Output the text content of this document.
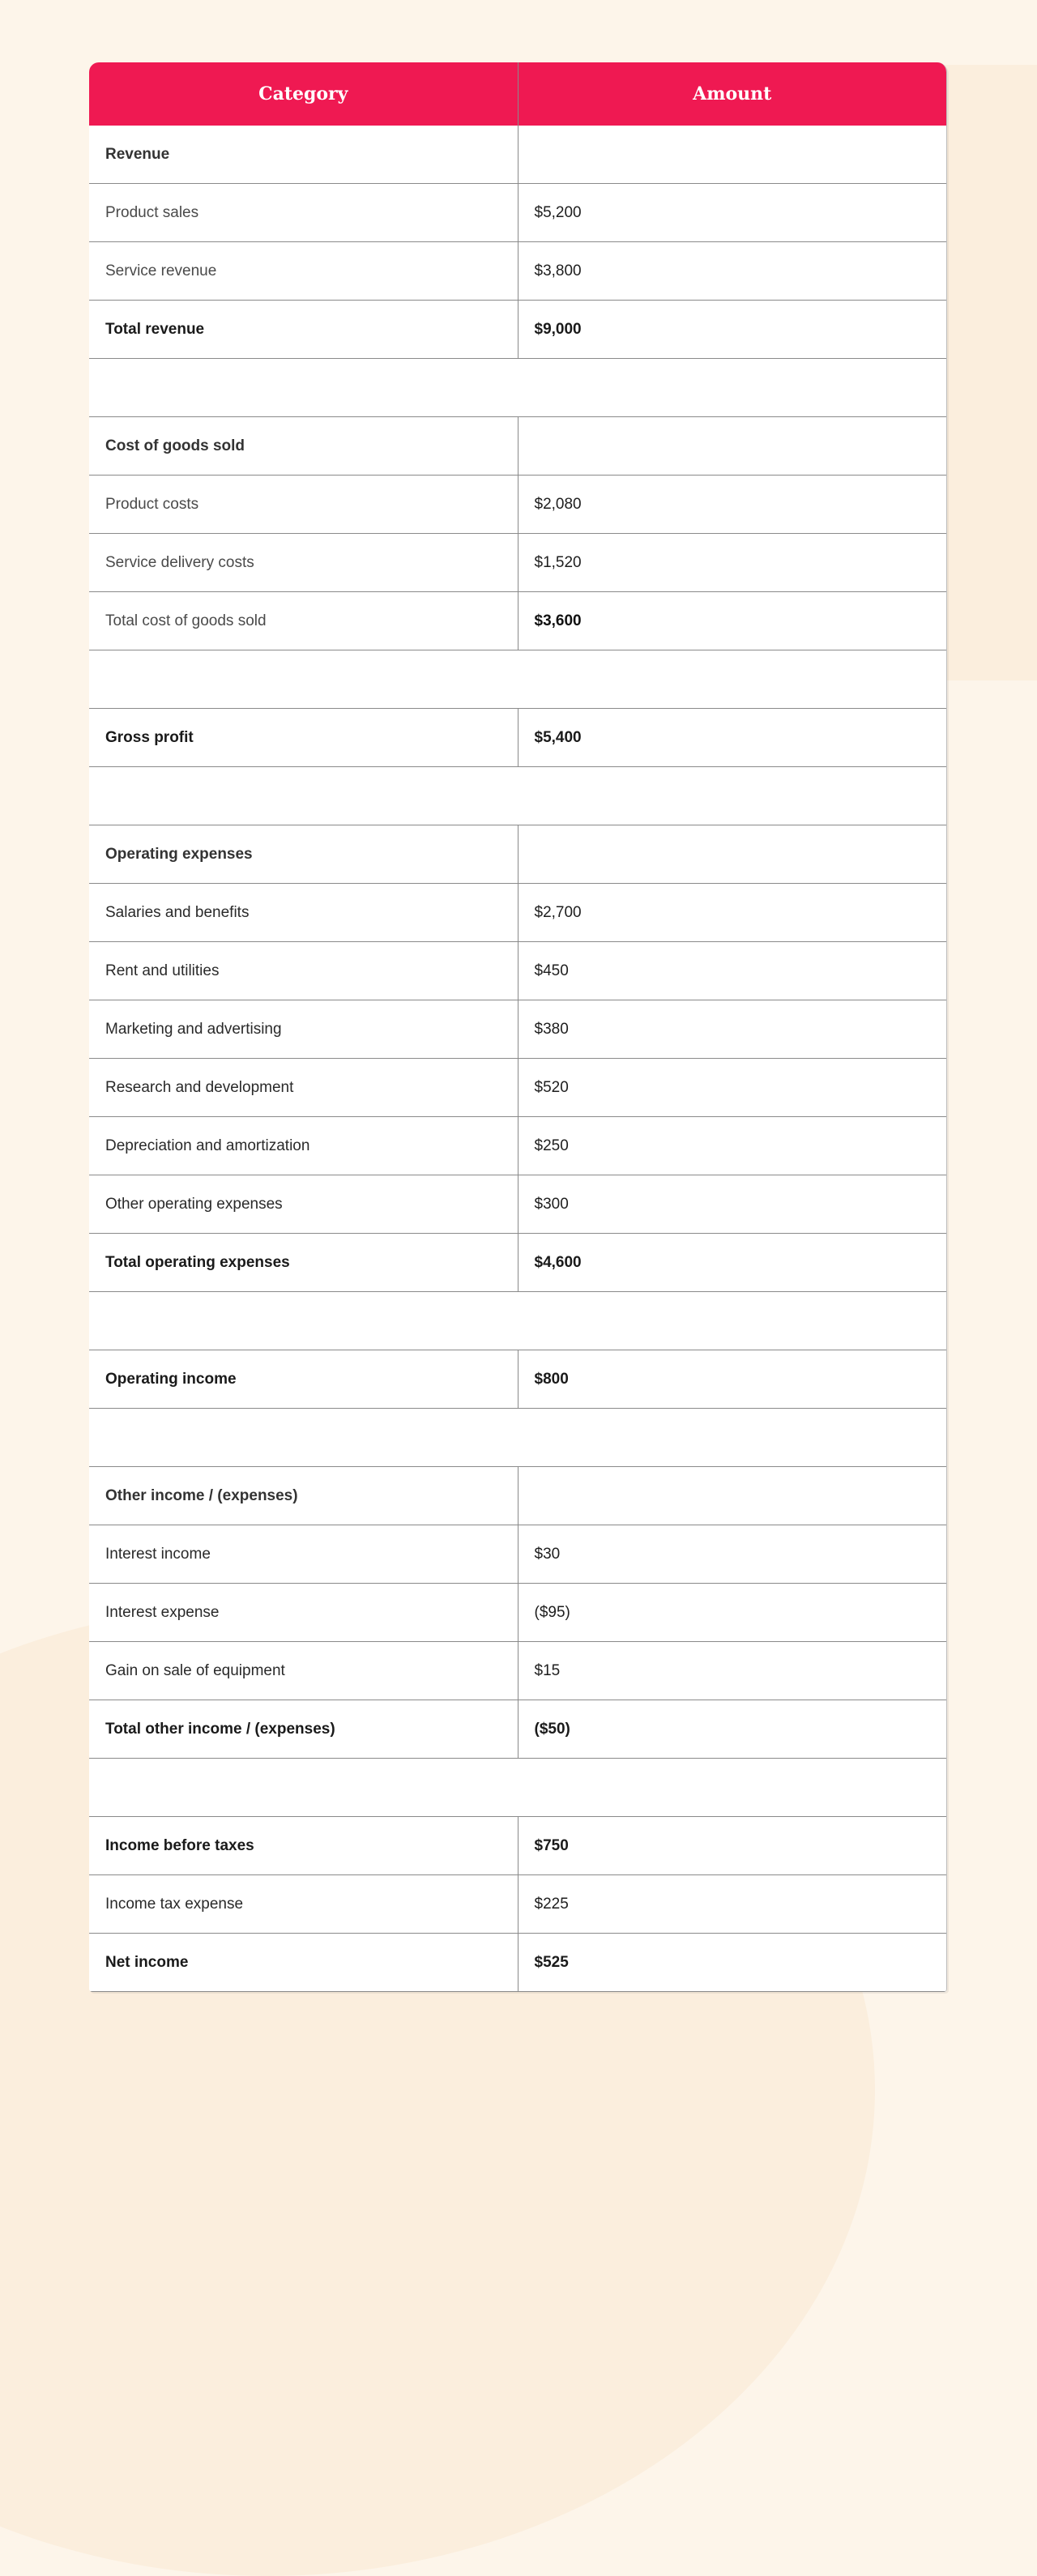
Category	Amount
Revenue	
Product sales	$5,200
Service revenue	$3,800
Total revenue	$9,000

Cost of goods sold	
Product costs	$2,080
Service delivery costs	$1,520
Total cost of goods sold	$3,600

Gross profit	$5,400

Operating expenses	
Salaries and benefits	$2,700
Rent and utilities	$450
Marketing and advertising	$380
Research and development	$520
Depreciation and amortization	$250
Other operating expenses	$300
Total operating expenses	$4,600

Operating income	$800

Other income / (expenses)	
Interest income	$30
Interest expense	($95)
Gain on sale of equipment	$15
Total other income / (expenses)	($50)

Income before taxes	$750
Income tax expense	$225
Net income	$525
